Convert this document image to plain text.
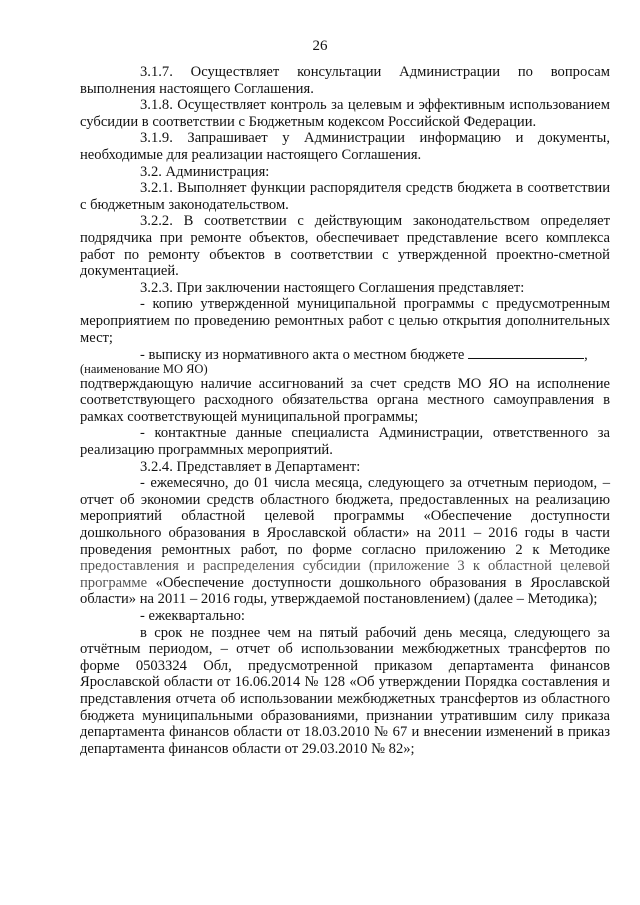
26

3.1.7. Осуществляет консультации Администрации по вопросам выполнения настоящего Соглашения.

3.1.8. Осуществляет контроль за целевым и эффективным использованием субсидии в соответствии с Бюджетным кодексом Российской Федерации.

3.1.9. Запрашивает у Администрации информацию и документы, необходимые для реализации настоящего Соглашения.

3.2. Администрация:

3.2.1. Выполняет функции распорядителя средств бюджета в соответствии с бюджетным законодательством.

3.2.2. В соответствии с действующим законодательством определяет подрядчика при ремонте объектов, обеспечивает представление всего комплекса работ по ремонту объектов в соответствии с утвержденной проектно-сметной документацией.

3.2.3. При заключении настоящего Соглашения представляет:

- копию утвержденной муниципальной программы с предусмотренным мероприятием по проведению ремонтных работ с целью открытия дополнительных мест;

- выписку из нормативного акта о местном бюджете	,

(наименование МО ЯО)

подтверждающую наличие ассигнований за счет средств МО ЯО на исполнение соответствующего расходного обязательства органа местного самоуправления в рамках соответствующей муниципальной программы;

- контактные данные специалиста Администрации, ответственного за реализацию программных мероприятий.

3.2.4. Представляет в Департамент:

- ежемесячно, до 01 числа месяца, следующего за отчетным периодом, – отчет об экономии средств областного бюджета, предоставленных на реализацию мероприятий областной целевой программы «Обеспечение доступности дошкольного образования в Ярославской области» на 2011 – 2016 годы в части проведения ремонтных работ, по форме согласно приложению 2 к Методике предоставления и распределения субсидии (приложение 3 к областной целевой программе «Обеспечение доступности дошкольного образования в Ярославской области» на 2011 – 2016 годы, утверждаемой постановлением) (далее – Методика);

- ежеквартально:

в срок не позднее чем на пятый рабочий день месяца, следующего за отчётным периодом, – отчет об использовании межбюджетных трансфертов по форме 0503324 Обл, предусмотренной приказом департамента финансов Ярославской области от 16.06.2014 № 128 «Об утверждении Порядка составления и представления отчета об использовании межбюджетных трансфертов из областного бюджета муниципальными образованиями, признании утратившим силу приказа департамента финансов области от 18.03.2010 № 67 и внесении изменений в приказ департамента финансов области от 29.03.2010 № 82»;
